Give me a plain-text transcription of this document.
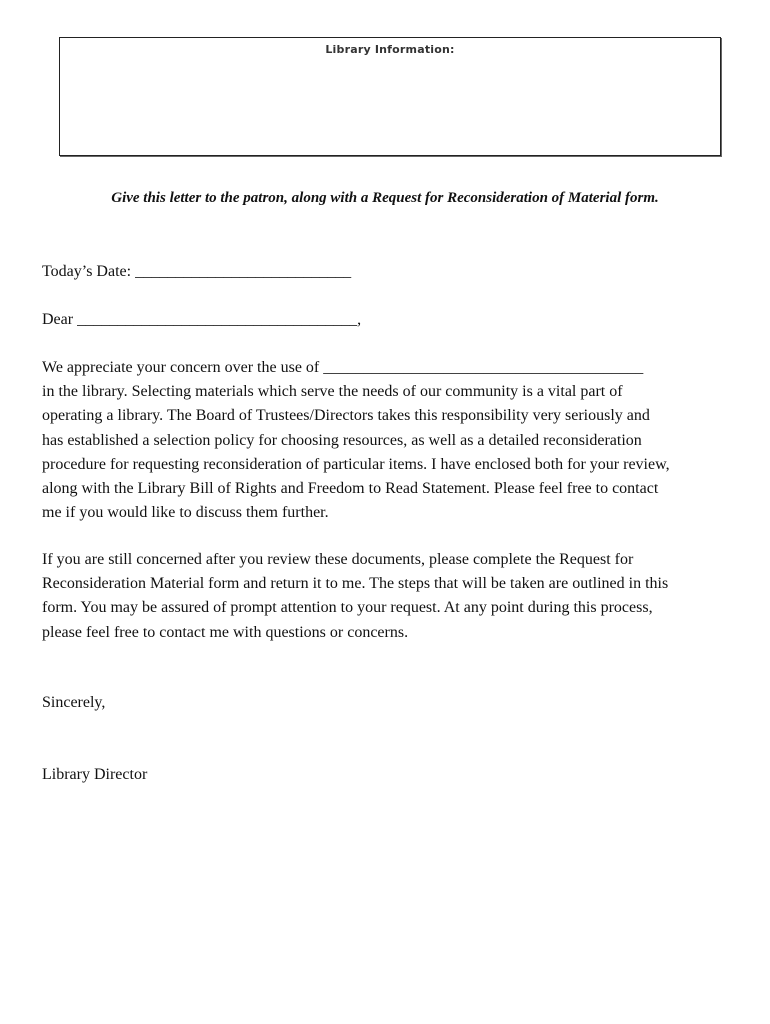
Library Information:
Give this letter to the patron, along with a Request for Reconsideration of Material form.
Today’s Date: ___________________________
Dear ___________________________________,
We appreciate your concern over the use of ________________________________________
in the library. Selecting materials which serve the needs of our community is a vital part of
operating a library. The Board of Trustees/Directors takes this responsibility very seriously and
has established a selection policy for choosing resources, as well as a detailed reconsideration
procedure for requesting reconsideration of particular items. I have enclosed both for your review,
along with the Library Bill of Rights and Freedom to Read Statement. Please feel free to contact
me if you would like to discuss them further.
If you are still concerned after you review these documents, please complete the Request for
Reconsideration Material form and return it to me. The steps that will be taken are outlined in this
form. You may be assured of prompt attention to your request. At any point during this process,
please feel free to contact me with questions or concerns.
Sincerely,
Library Director
